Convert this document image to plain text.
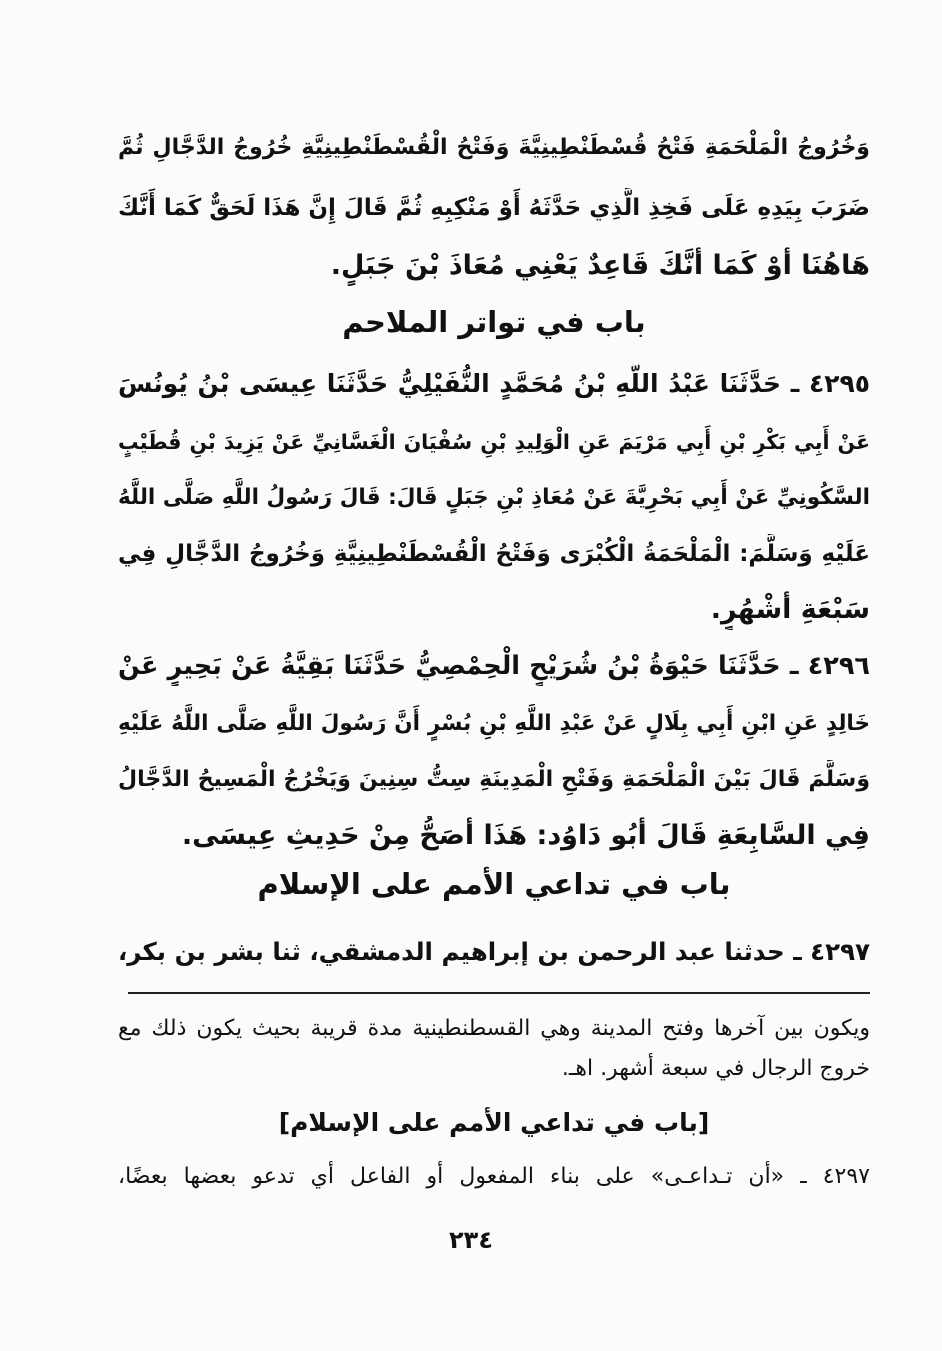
وَخُرُوجُ الْمَلْحَمَةِ فَتْحُ قُسْطَنْطِينِيَّةَ وَفَتْحُ الْقُسْطَنْطِينِيَّةِ خُرُوجُ الدَّجَّالِ ثُمَّ
ضَرَبَ بِيَدِهِ عَلَى فَخِذِ الَّذِي حَدَّثَهُ أَوْ مَنْكِبِهِ ثُمَّ قَالَ إِنَّ هَذَا لَحَقٌّ كَمَا أَنَّكَ
هَاهُنَا أَوْ كَمَا أَنَّكَ قَاعِدٌ يَعْنِي مُعَاذَ بْنَ جَبَلٍ.
باب في تواتر الملاحم
٤٢٩٥ ـ حَدَّثَنَا عَبْدُ اللَّهِ بْنُ مُحَمَّدٍ النُّفَيْلِيُّ حَدَّثَنَا عِيسَى بْنُ يُونُسَ
عَنْ أَبِي بَكْرِ بْنِ أَبِي مَرْيَمَ عَنِ الْوَلِيدِ بْنِ سُفْيَانَ الْغَسَّانِيِّ عَنْ يَزِيدَ بْنِ قُطَيْبٍ
السَّكُونِيِّ عَنْ أَبِي بَحْرِيَّةَ عَنْ مُعَاذِ بْنِ جَبَلٍ قَالَ: قَالَ رَسُولُ اللَّهِ صَلَّى اللَّهُ
عَلَيْهِ وَسَلَّمَ: الْمَلْحَمَةُ الْكُبْرَى وَفَتْحُ الْقُسْطَنْطِينِيَّةِ وَخُرُوجُ الدَّجَّالِ فِي
سَبْعَةِ أَشْهُرٍ.
٤٢٩٦ ـ حَدَّثَنَا حَيْوَةُ بْنُ شُرَيْحٍ الْحِمْصِيُّ حَدَّثَنَا بَقِيَّةُ عَنْ بَحِيرٍ عَنْ
خَالِدٍ عَنِ ابْنِ أَبِي بِلَالٍ عَنْ عَبْدِ اللَّهِ بْنِ بُسْرٍ أَنَّ رَسُولَ اللَّهِ صَلَّى اللَّهُ عَلَيْهِ
وَسَلَّمَ قَالَ بَيْنَ الْمَلْحَمَةِ وَفَتْحِ الْمَدِينَةِ سِتُّ سِنِينَ وَيَخْرُجُ الْمَسِيحُ الدَّجَّالُ
فِي السَّابِعَةِ قَالَ أَبُو دَاوُد: هَذَا أَصَحُّ مِنْ حَدِيثِ عِيسَى.
باب في تداعي الأمم على الإسلام
٤٢٩٧ ـ حدثنا عبد الرحمن بن إبراهيم الدمشقي، ثنا بشر بن بكر،
ويكون بين آخرها وفتح المدينة وهي القسطنطينية مدة قريبة بحيث يكون ذلك مع
خروج الرجال في سبعة أشهر. اهـ.
[باب في تداعي الأمم على الإسلام]
٤٢٩٧ ـ «أن تـداعـى» على بناء المفعول أو الفاعل أي تدعو بعضها بعضًا،
٢٣٤
